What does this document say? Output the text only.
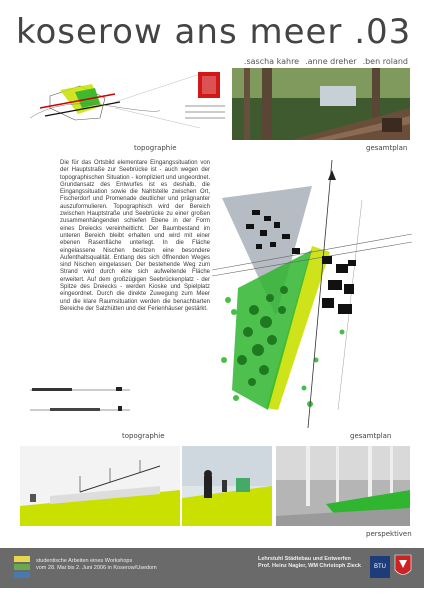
koserow ans meer .03
.sascha kahre .anne dreher .ben roland
topographie	gesamtplan
Die für das Ortsbild elementare Eingangssituation von der Hauptstraße zur Seebrücke ist - auch wegen der topographischen Situation - kompliziert und ungeordnet. Grundansatz des Entwurfes ist es deshalb, die Eingangssituation sowie die Nahtstelle zwischen Ort, Fischerdorf und Promenade deutlicher und prägnanter auszuformulieren. Topographisch wird der Bereich zwischen Hauptstraße und Seebrücke zu einer großen zusammenhängenden schiefen Ebene in der Form eines Dreiecks vereinheitlicht. Der Baumbestand im unteren Bereich bleibt erhalten und wird mit einer ebenen Rasenfläche unterlegt. In die Fläche eingelassene Nischen besitzen eine besondere Aufenthaltsqualität. Entlang des sich öffnenden Weges sind Nischen eingelassen. Der bestehende Weg zum Strand wird durch eine sich aufweitende Fläche erweitert. Auf dem großzügigen Seebrückenplatz - der Spitze des Dreiecks - werden Kioske und Spielplatz eingeordnet. Durch die direkte Zuwegung zum Meer und die klare Raumsituation werden die benachbarten Bereiche der Salzhütten und der Ferienhäuser gestärkt.
gesamtplan
topographie
perspektiven
studentische Arbeiten eines Workshops
vom 28. Mai bis 2. Juni 2006 in Koserow/Usedom
Lehrstuhl Städtebau und Entwerfen
Prof. Heinz Nagler, WM Christoph Zieck	BTU
